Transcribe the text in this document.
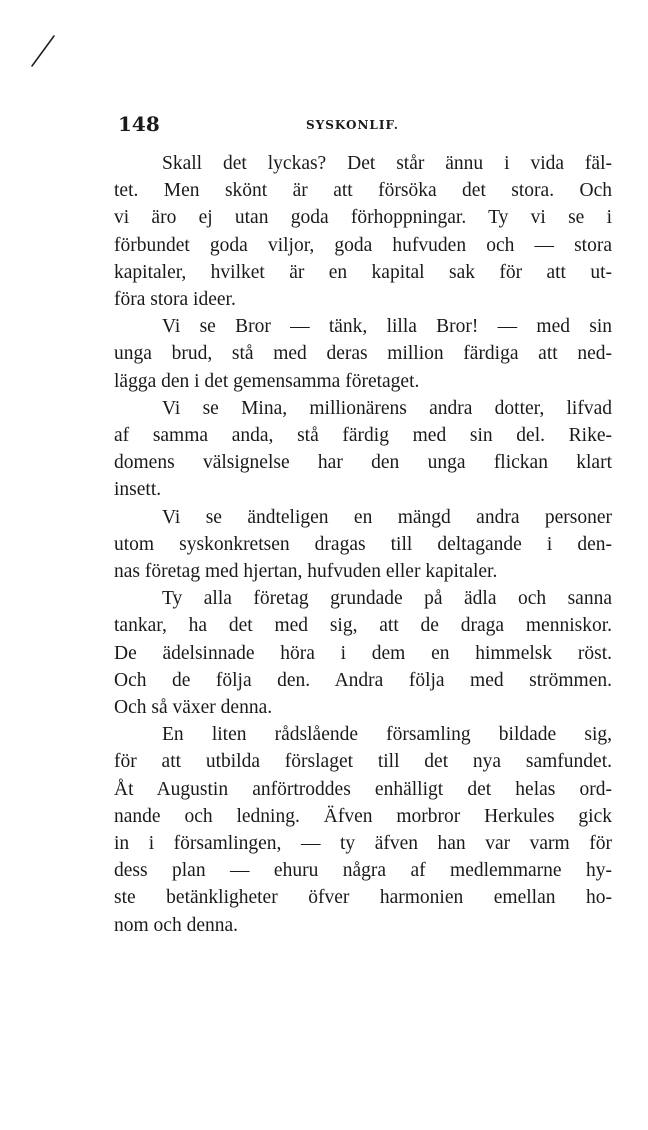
148	SYSKONLIF.

Skall det lyckas? Det står ännu i vida fäl-
tet. Men skönt är att försöka det stora. Och
vi äro ej utan goda förhoppningar. Ty vi se i
förbundet goda viljor, goda hufvuden och — stora
kapitaler, hvilket är en kapital sak för att ut-
föra stora ideer.

Vi se Bror — tänk, lilla Bror! — med sin
unga brud, stå med deras million färdiga att ned-
lägga den i det gemensamma företaget.

Vi se Mina, millionärens andra dotter, lifvad
af samma anda, stå färdig med sin del. Rike-
domens välsignelse har den unga flickan klart
insett.

Vi se ändteligen en mängd andra personer
utom syskonkretsen dragas till deltagande i den-
nas företag med hjertan, hufvuden eller kapitaler.

Ty alla företag grundade på ädla och sanna
tankar, ha det med sig, att de draga menniskor.
De ädelsinnade höra i dem en himmelsk röst.
Och de följa den. Andra följa med strömmen.
Och så växer denna.

En liten rådslående församling bildade sig,
för att utbilda förslaget till det nya samfundet.
Åt Augustin anförtroddes enhälligt det helas ord-
nande och ledning. Äfven morbror Herkules gick
in i församlingen, — ty äfven han var varm för
dess plan — ehuru några af medlemmarne hy-
ste betänkligheter öfver harmonien emellan ho-
nom och denna.
